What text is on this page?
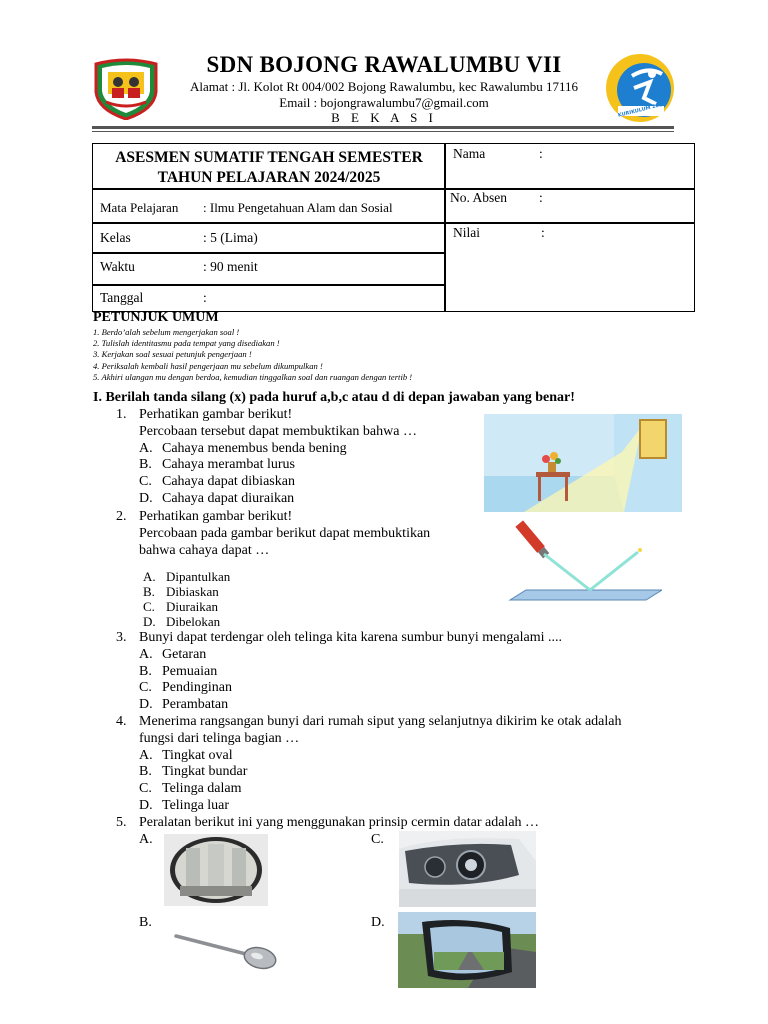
SDN BOJONG RAWALUMBU VII
Alamat : Jl. Kolot Rt 004/002 Bojong Rawalumbu, kec Rawalumbu 17116
Email : bojongrawalumbu7@gmail.com
B E K A S I	KURIKULUM 2013
ASESMEN SUMATIF TENGAH SEMESTER
TAHUN PELAJARAN 2024/2025
Nama	:
Mata Pelajaran : Ilmu Pengetahuan Alam dan Sosial
No. Absen :
Kelas	: 5 (Lima)	Nilai	:
Waktu	: 90 menit
Tanggal	:
PETUNJUK UMUM
1. Berdo’alah sebelum mengerjakan soal !
2. Tulislah identitasmu pada tempat yang disediakan !
3. Kerjakan soal sesuai petunjuk pengerjaan !
4. Periksalah kembali hasil pengerjaan mu sebelum dikumpulkan !
5. Akhiri ulangan mu dengan berdoa, kemudian tinggalkan soal dan ruangan dengan tertib !
I. Berilah tanda silang (x) pada huruf a,b,c atau d di depan jawaban yang benar!
1. Perhatikan gambar berikut!
Percobaan tersebut dapat membuktikan bahwa …
A. Cahaya menembus benda bening
B. Cahaya merambat lurus
C. Cahaya dapat dibiaskan
D. Cahaya dapat diuraikan
2. Perhatikan gambar berikut!
Percobaan pada gambar berikut dapat membuktikan
bahwa cahaya dapat …
A. Dipantulkan
B. Dibiaskan
C. Diuraikan
D. Dibelokan
3. Bunyi dapat terdengar oleh telinga kita karena sumbur bunyi mengalami ....
A. Getaran
B. Pemuaian
C. Pendinginan
D. Perambatan
4. Menerima rangsangan bunyi dari rumah siput yang selanjutnya dikirim ke otak adalah
fungsi dari telinga bagian …
A. Tingkat oval
B. Tingkat bundar
C. Telinga dalam
D. Telinga luar
5. Peralatan berikut ini yang menggunakan prinsip cermin datar adalah …
A.	C.
B.	D.
